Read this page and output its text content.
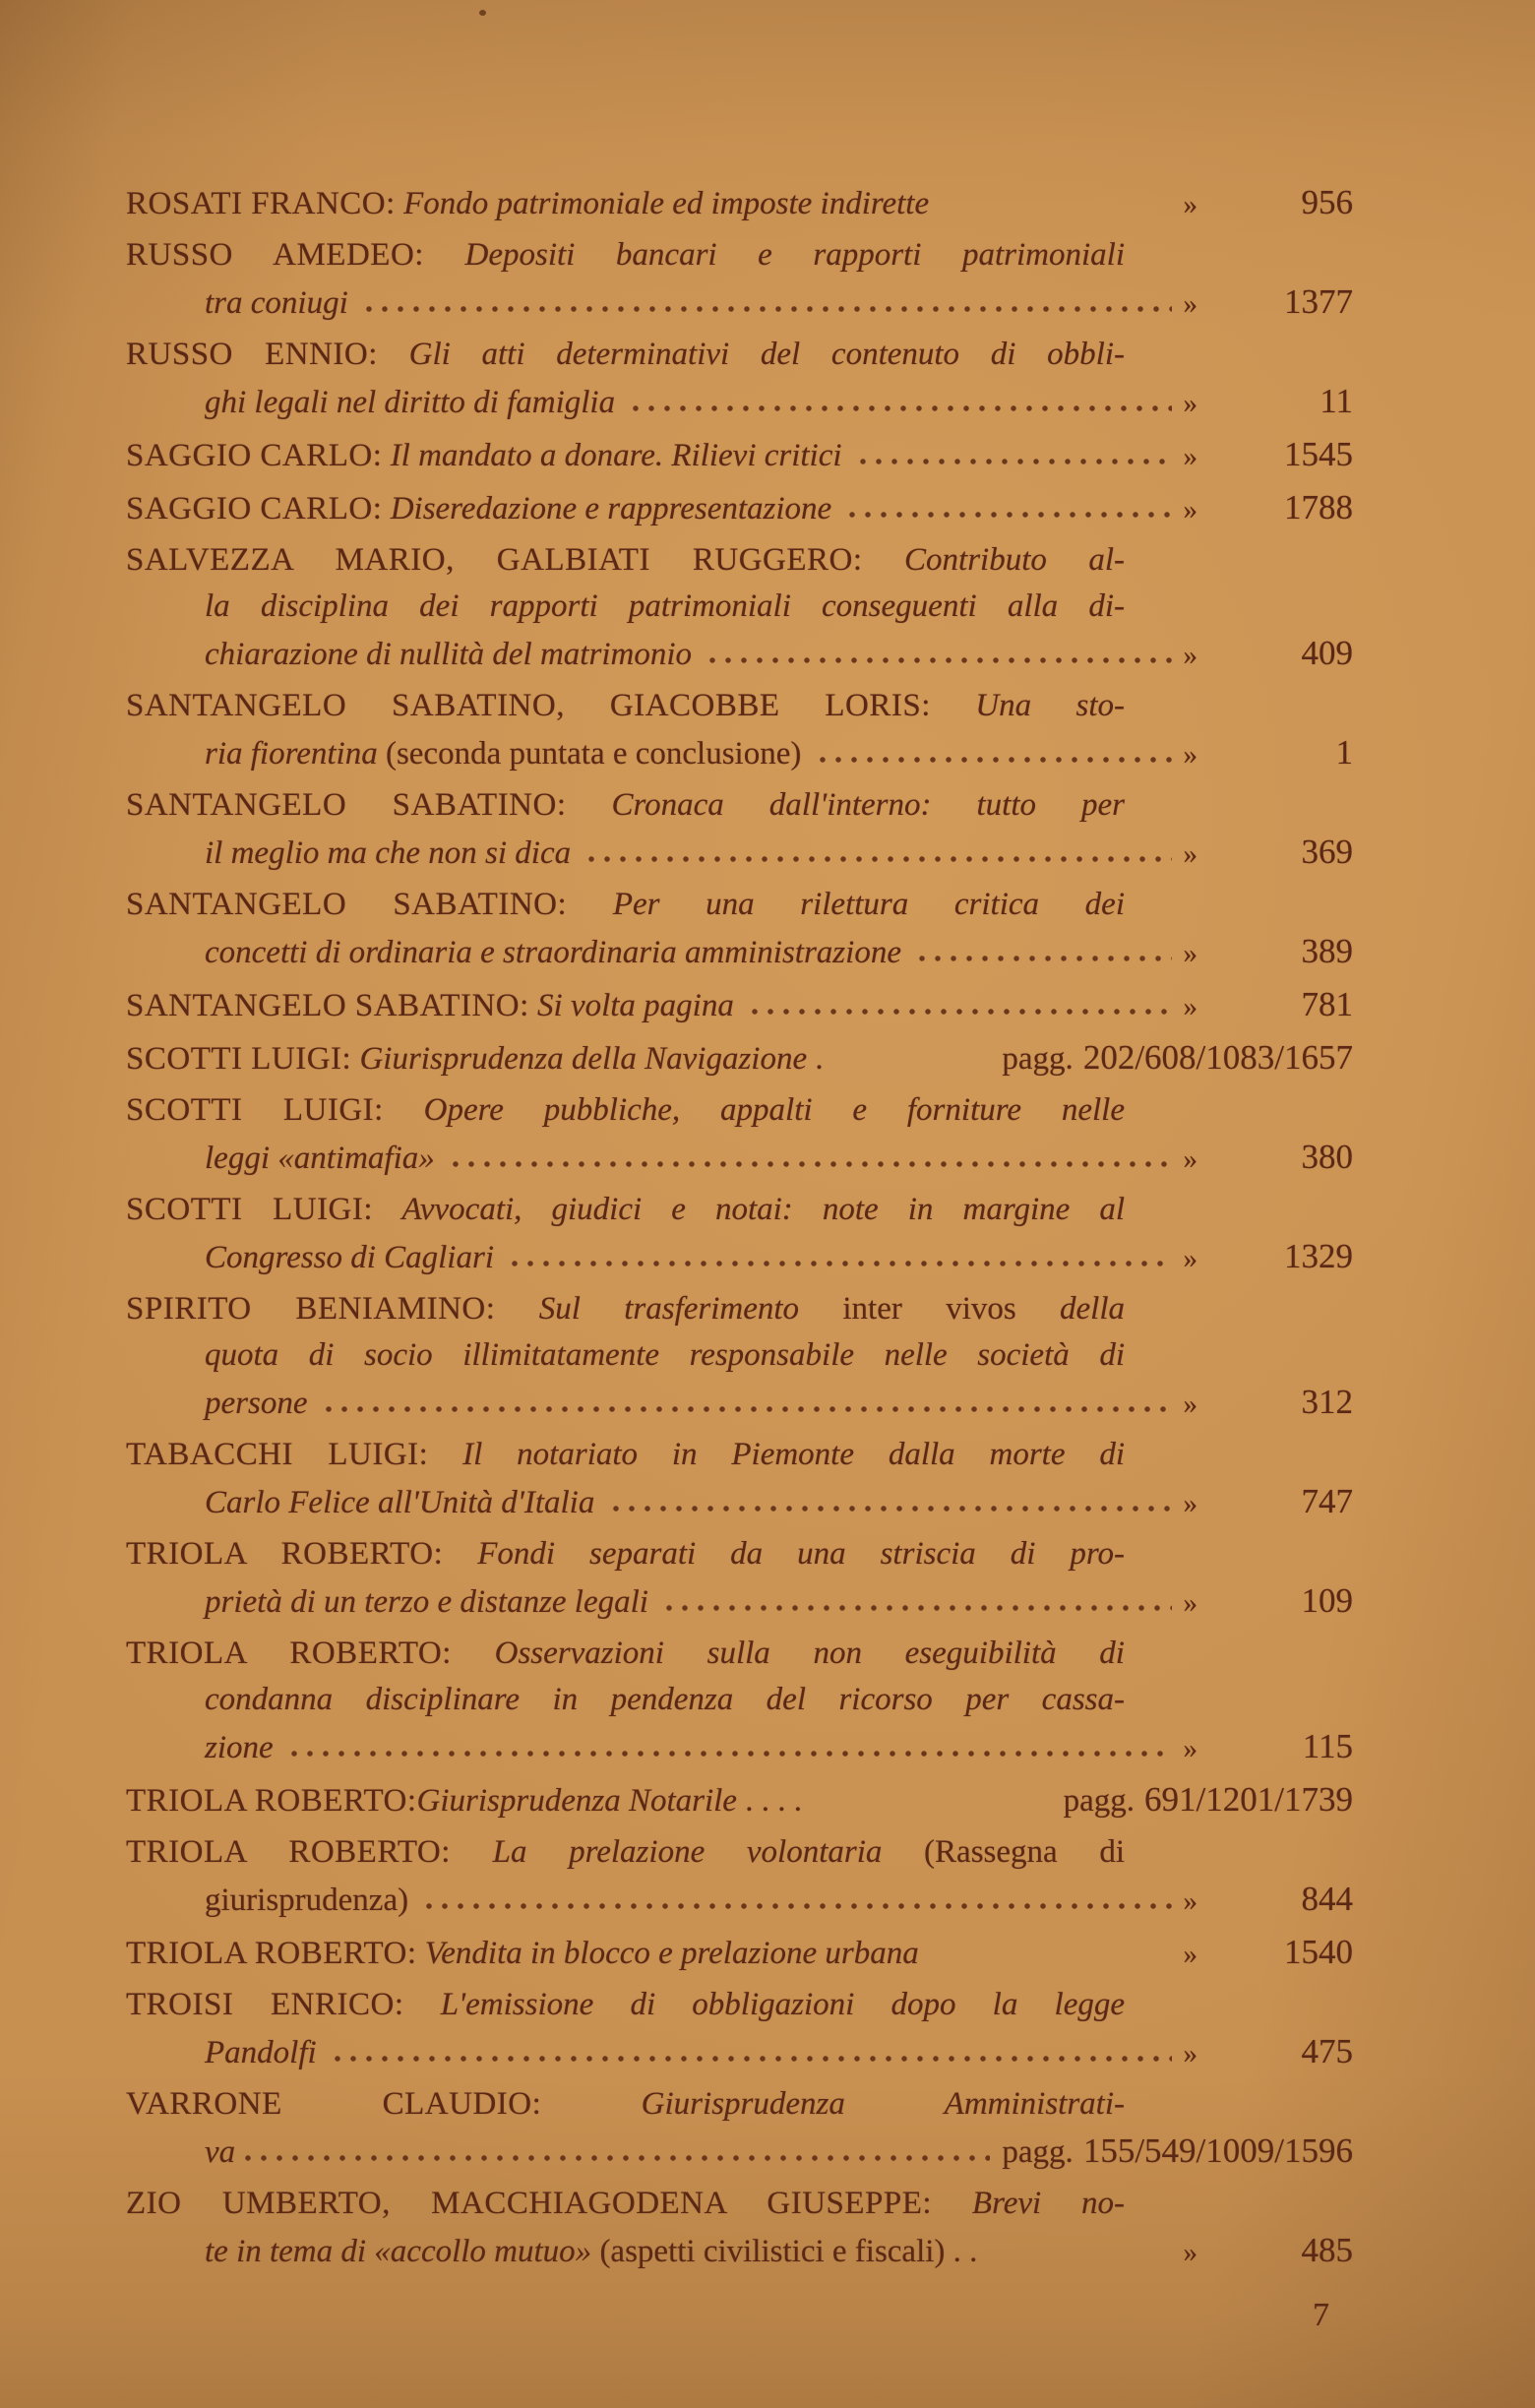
ROSATI FRANCO: Fondo patrimoniale ed imposte indirette	»	956
RUSSO AMEDEO: Depositi bancari e rapporti patrimoniali
tra coniugi	»	1377
RUSSO ENNIO: Gli atti determinativi del contenuto di obbli-
ghi legali nel diritto di famiglia	»	11
SAGGIO CARLO: Il mandato a donare. Rilievi critici	»	1545
SAGGIO CARLO: Diseredazione e rappresentazione	»	1788
SALVEZZA MARIO, GALBIATI RUGGERO: Contributo al-
la disciplina dei rapporti patrimoniali conseguenti alla di-
chiarazione di nullità del matrimonio	»	409
SANTANGELO SABATINO, GIACOBBE LORIS: Una sto-
ria fiorentina (seconda puntata e conclusione)	»	1
SANTANGELO SABATINO: Cronaca dall'interno: tutto per
il meglio ma che non si dica	»	369
SANTANGELO SABATINO: Per una rilettura critica dei
concetti di ordinaria e straordinaria amministrazione	»	389
SANTANGELO SABATINO: Si volta pagina	»	781
SCOTTI LUIGI: Giurisprudenza della Navigazione .	pagg. 202/608/1083/1657
SCOTTI LUIGI: Opere pubbliche, appalti e forniture nelle
leggi «antimafia»	»	380
SCOTTI LUIGI: Avvocati, giudici e notai: note in margine al
Congresso di Cagliari	»	1329
SPIRITO BENIAMINO: Sul trasferimento inter vivos della
quota di socio illimitatamente responsabile nelle società di
persone	»	312
TABACCHI LUIGI: Il notariato in Piemonte dalla morte di
Carlo Felice all'Unità d'Italia	»	747
TRIOLA ROBERTO: Fondi separati da una striscia di pro-
prietà di un terzo e distanze legali	»	109
TRIOLA ROBERTO: Osservazioni sulla non eseguibilità di
condanna disciplinare in pendenza del ricorso per cassa-
zione	»	115
TRIOLA ROBERTO:Giurisprudenza Notarile . . . .	pagg. 691/1201/1739
TRIOLA ROBERTO: La prelazione volontaria (Rassegna di
giurisprudenza)	»	844
TRIOLA ROBERTO: Vendita in blocco e prelazione urbana	»	1540
TROISI ENRICO: L'emissione di obbligazioni dopo la legge
Pandolfi	»	475
VARRONE CLAUDIO: Giurisprudenza Amministrati-
va	pagg. 155/549/1009/1596
ZIO UMBERTO, MACCHIAGODENA GIUSEPPE: Brevi no-
te in tema di «accollo mutuo» (aspetti civilistici e fiscali) . .	»	485
7
